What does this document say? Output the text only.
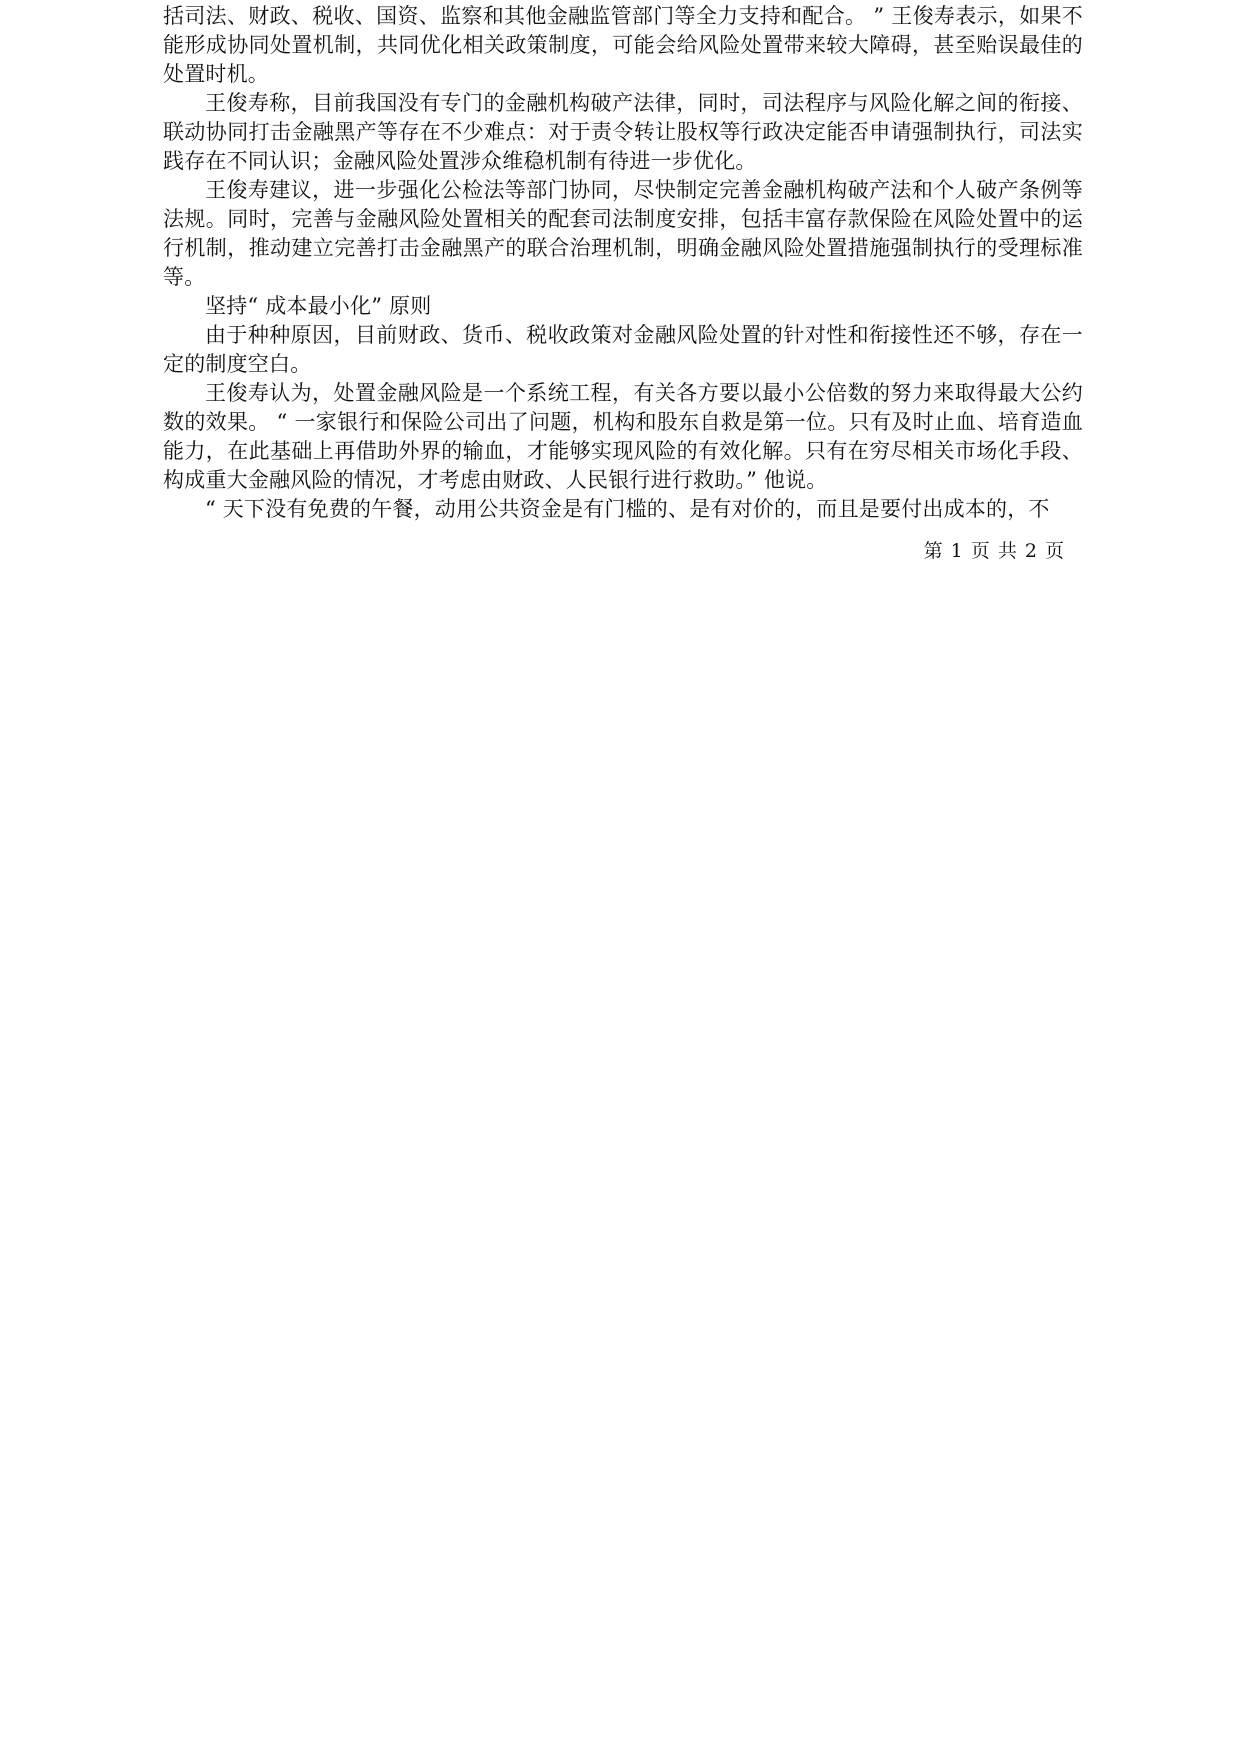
括司法、财政、税收、国资、监察和其他金融监管部门等全力支持和配合。 ” 王俊寿表示，如果不能形成协同处置机制，共同优化相关政策制度，可能会给风险处置带来较大障碍，甚至贻误最佳的处置时机。

王俊寿称，目前我国没有专门的金融机构破产法律，同时，司法程序与风险化解之间的衔接、联动协同打击金融黑产等存在不少难点：对于责令转让股权等行政决定能否申请强制执行，司法实践存在不同认识；金融风险处置涉众维稳机制有待进一步优化。

王俊寿建议，进一步强化公检法等部门协同，尽快制定完善金融机构破产法和个人破产条例等法规。同时，完善与金融风险处置相关的配套司法制度安排，包括丰富存款保险在风险处置中的运行机制，推动建立完善打击金融黑产的联合治理机制，明确金融风险处置措施强制执行的受理标准等。

坚持“ 成本最小化” 原则

由于种种原因，目前财政、货币、税收政策对金融风险处置的针对性和衔接性还不够，存在一定的制度空白。

王俊寿认为，处置金融风险是一个系统工程，有关各方要以最小公倍数的努力来取得最大公约数的效果。 “ 一家银行和保险公司出了问题，机构和股东自救是第一位。只有及时止血、培育造血能力，在此基础上再借助外界的输血，才能够实现风险的有效化解。只有在穷尽相关市场化手段、构成重大金融风险的情况，才考虑由财政、人民银行进行救助。” 他说。

“ 天下没有免费的午餐，动用公共资金是有门槛的、是有对价的，而且是要付出成本的，不

第 1 页 共 2 页
